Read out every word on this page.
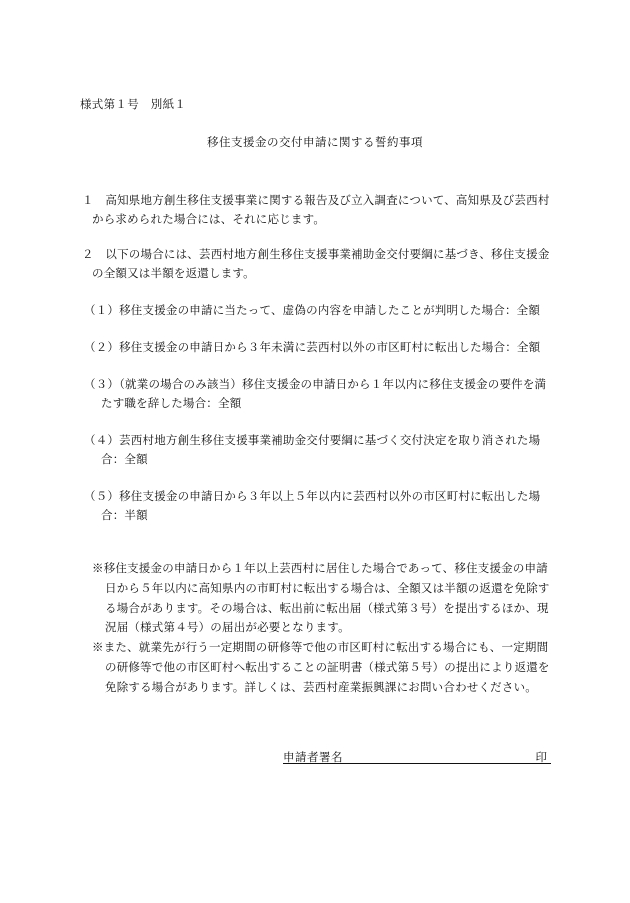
様式第１号　別紙１
移住支援金の交付申請に関する誓約事項
１　高知県地方創生移住支援事業に関する報告及び立入調査について、高知県及び芸西村
から求められた場合には、それに応じます。
２　以下の場合には、芸西村地方創生移住支援事業補助金交付要綱に基づき、移住支援金
の全額又は半額を返還します。
（１）移住支援金の申請に当たって、虚偽の内容を申請したことが判明した場合：全額
（２）移住支援金の申請日から３年未満に芸西村以外の市区町村に転出した場合：全額
（３）（就業の場合のみ該当）移住支援金の申請日から１年以内に移住支援金の要件を満
たす職を辞した場合：全額
（４）芸西村地方創生移住支援事業補助金交付要綱に基づく交付決定を取り消された場
合：全額
（５）移住支援金の申請日から３年以上５年以内に芸西村以外の市区町村に転出した場
合：半額
※移住支援金の申請日から１年以上芸西村に居住した場合であって、移住支援金の申請
日から５年以内に高知県内の市町村に転出する場合は、全額又は半額の返還を免除す
る場合があります。その場合は、転出前に転出届（様式第３号）を提出するほか、現
況届（様式第４号）の届出が必要となります。
※また、就業先が行う一定期間の研修等で他の市区町村に転出する場合にも、一定期間
の研修等で他の市区町村へ転出することの証明書（様式第５号）の提出により返還を
免除する場合があります。詳しくは、芸西村産業振興課にお問い合わせください。
申請者署名	印
